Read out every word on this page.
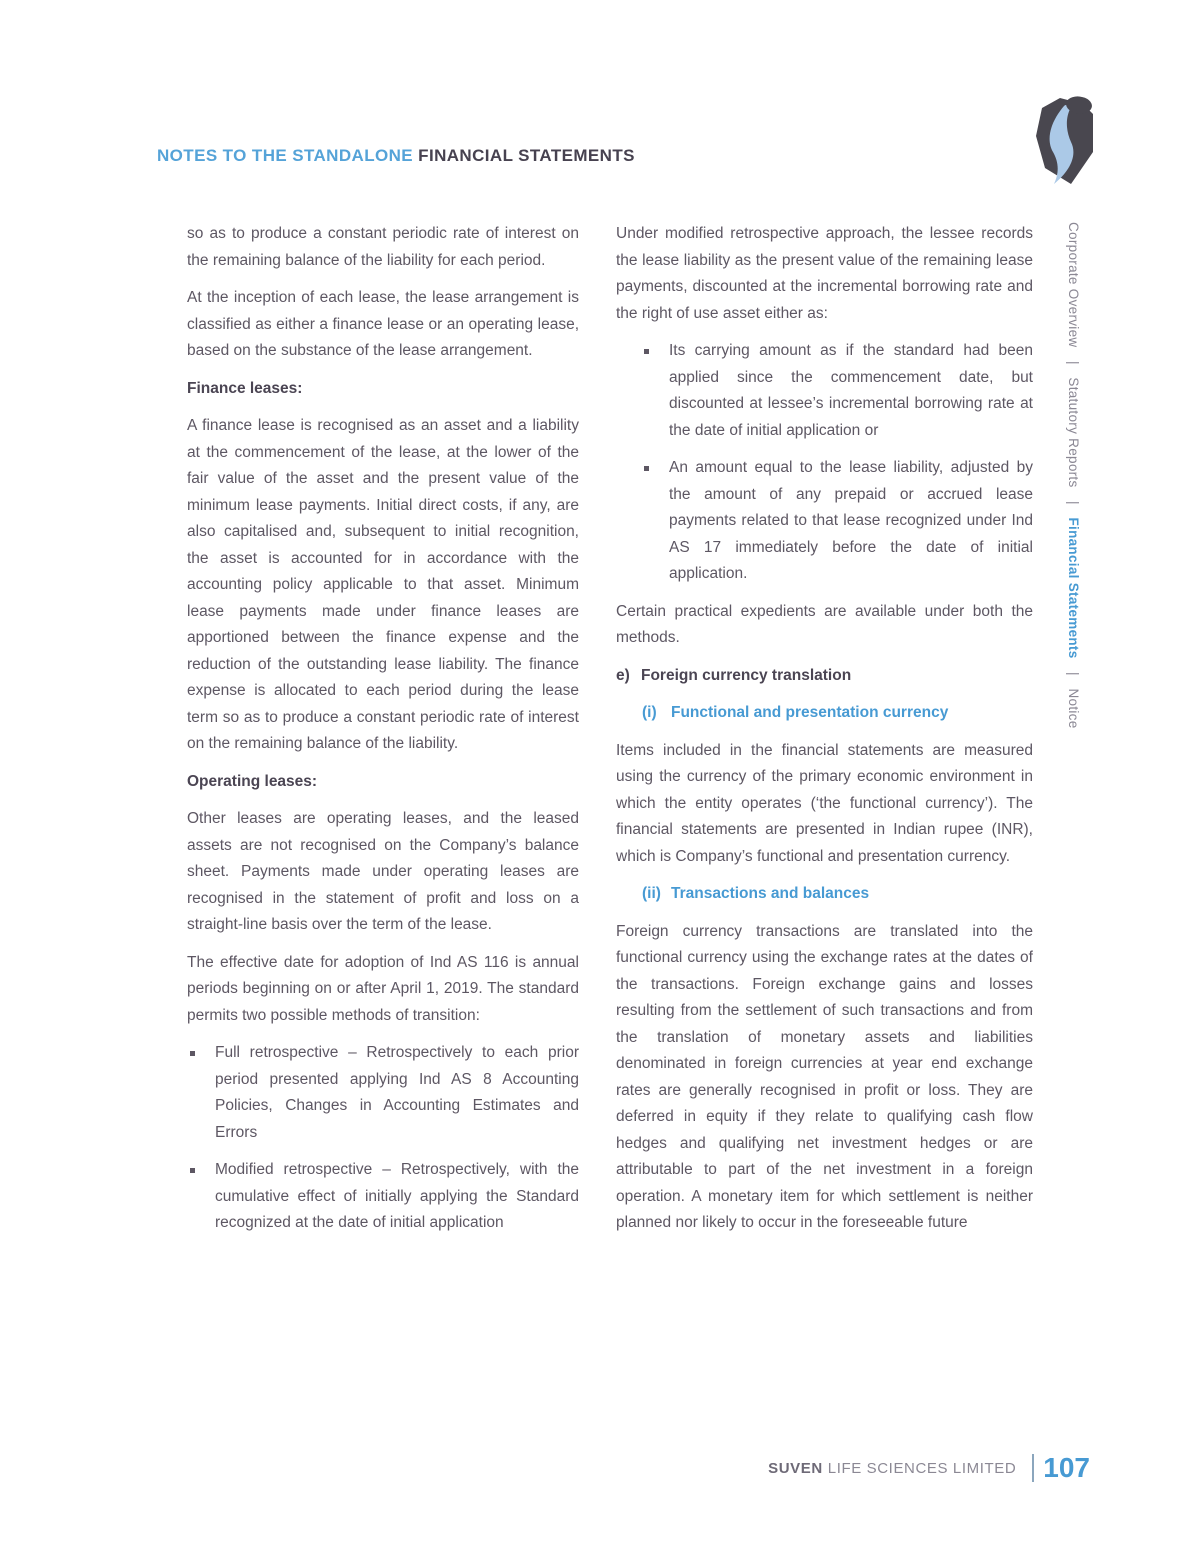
NOTES TO THE STANDALONE FINANCIAL STATEMENTS

so as to produce a constant periodic rate of interest on the remaining balance of the liability for each period.

At the inception of each lease, the lease arrangement is classified as either a finance lease or an operating lease, based on the substance of the lease arrangement.

Finance leases:

A finance lease is recognised as an asset and a liability at the commencement of the lease, at the lower of the fair value of the asset and the present value of the minimum lease payments. Initial direct costs, if any, are also capitalised and, subsequent to initial recognition, the asset is accounted for in accordance with the accounting policy applicable to that asset. Minimum lease payments made under finance leases are apportioned between the finance expense and the reduction of the outstanding lease liability. The finance expense is allocated to each period during the lease term so as to produce a constant periodic rate of interest on the remaining balance of the liability.

Operating leases:

Other leases are operating leases, and the leased assets are not recognised on the Company’s balance sheet. Payments made under operating leases are recognised in the statement of profit and loss on a straight-line basis over the term of the lease.

The effective date for adoption of Ind AS 116 is annual periods beginning on or after April 1, 2019. The standard permits two possible methods of transition:

Full retrospective – Retrospectively to each prior period presented applying Ind AS 8 Accounting Policies, Changes in Accounting Estimates and Errors
Modified retrospective – Retrospectively, with the cumulative effect of initially applying the Standard recognized at the date of initial application

Under modified retrospective approach, the lessee records the lease liability as the present value of the remaining lease payments, discounted at the incremental borrowing rate and the right of use asset either as:

Its carrying amount as if the standard had been applied since the commencement date, but discounted at lessee’s incremental borrowing rate at the date of initial application or
An amount equal to the lease liability, adjusted by the amount of any prepaid or accrued lease payments related to that lease recognized under Ind AS 17 immediately before the date of initial application.

Certain practical expedients are available under both the methods.

e) Foreign currency translation
(i) Functional and presentation currency

Items included in the financial statements are measured using the currency of the primary economic environment in which the entity operates (‘the functional currency’). The financial statements are presented in Indian rupee (INR), which is Company’s functional and presentation currency.

(ii) Transactions and balances

Foreign currency transactions are translated into the functional currency using the exchange rates at the dates of the transactions. Foreign exchange gains and losses resulting from the settlement of such transactions and from the translation of monetary assets and liabilities denominated in foreign currencies at year end exchange rates are generally recognised in profit or loss. They are deferred in equity if they relate to qualifying cash flow hedges and qualifying net investment hedges or are attributable to part of the net investment in a foreign operation. A monetary item for which settlement is neither planned nor likely to occur in the foreseeable future

Corporate Overview | Statutory Reports | Financial Statements | Notice
SUVEN LIFE SCIENCES LIMITED 107
